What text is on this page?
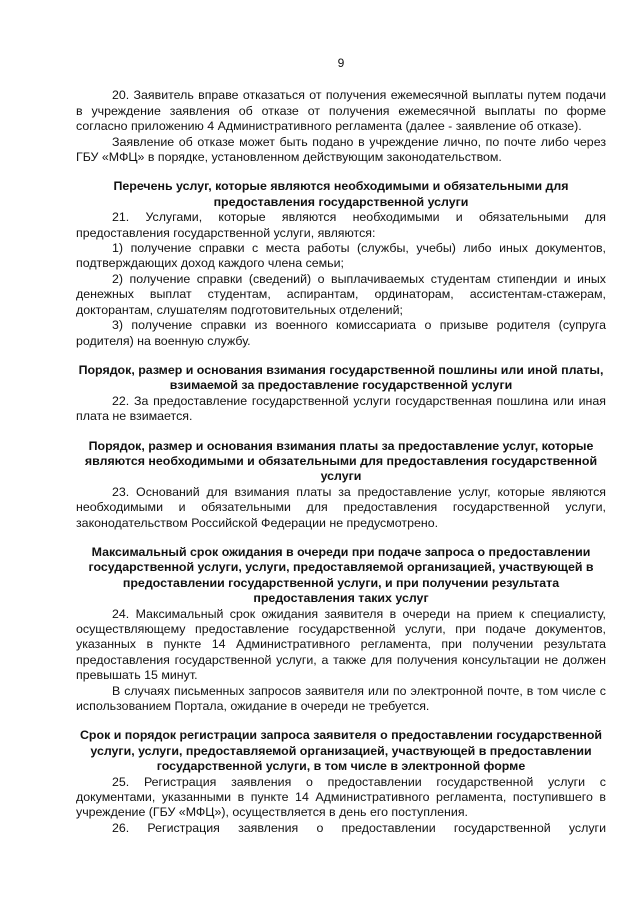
9
20. Заявитель вправе отказаться от получения ежемесячной выплаты путем подачи в учреждение заявления об отказе от получения ежемесячной выплаты по форме согласно приложению 4 Административного регламента (далее - заявление об отказе).
Заявление об отказе может быть подано в учреждение лично, по почте либо через ГБУ «МФЦ» в порядке, установленном действующим законодательством.
Перечень услуг, которые являются необходимыми и обязательными для предоставления государственной услуги
21. Услугами, которые являются необходимыми и обязательными для предоставления государственной услуги, являются:
1) получение справки с места работы (службы, учебы) либо иных документов, подтверждающих доход каждого члена семьи;
2) получение справки (сведений) о выплачиваемых студентам стипендии и иных денежных выплат студентам, аспирантам, ординаторам, ассистентам-стажерам, докторантам, слушателям подготовительных отделений;
3) получение справки из военного комиссариата о призыве родителя (супруга родителя) на военную службу.
Порядок, размер и основания взимания государственной пошлины или иной платы, взимаемой за предоставление государственной услуги
22. За предоставление государственной услуги государственная пошлина или иная плата не взимается.
Порядок, размер и основания взимания платы за предоставление услуг, которые являются необходимыми и обязательными для предоставления государственной услуги
23. Оснований для взимания платы за предоставление услуг, которые являются необходимыми и обязательными для предоставления государственной услуги, законодательством Российской Федерации не предусмотрено.
Максимальный срок ожидания в очереди при подаче запроса о предоставлении государственной услуги, услуги, предоставляемой организацией, участвующей в предоставлении государственной услуги, и при получении результата предоставления таких услуг
24. Максимальный срок ожидания заявителя в очереди на прием к специалисту, осуществляющему предоставление государственной услуги, при подаче документов, указанных в пункте 14 Административного регламента, при получении результата предоставления государственной услуги, а также для получения консультации не должен превышать 15 минут.
В случаях письменных запросов заявителя или по электронной почте, в том числе с использованием Портала, ожидание в очереди не требуется.
Срок и порядок регистрации запроса заявителя о предоставлении государственной услуги, услуги, предоставляемой организацией, участвующей в предоставлении государственной услуги, в том числе в электронной форме
25. Регистрация заявления о предоставлении государственной услуги с документами, указанными в пункте 14 Административного регламента, поступившего в учреждение (ГБУ «МФЦ»), осуществляется в день его поступления.
26. Регистрация заявления о предоставлении государственной услуги
